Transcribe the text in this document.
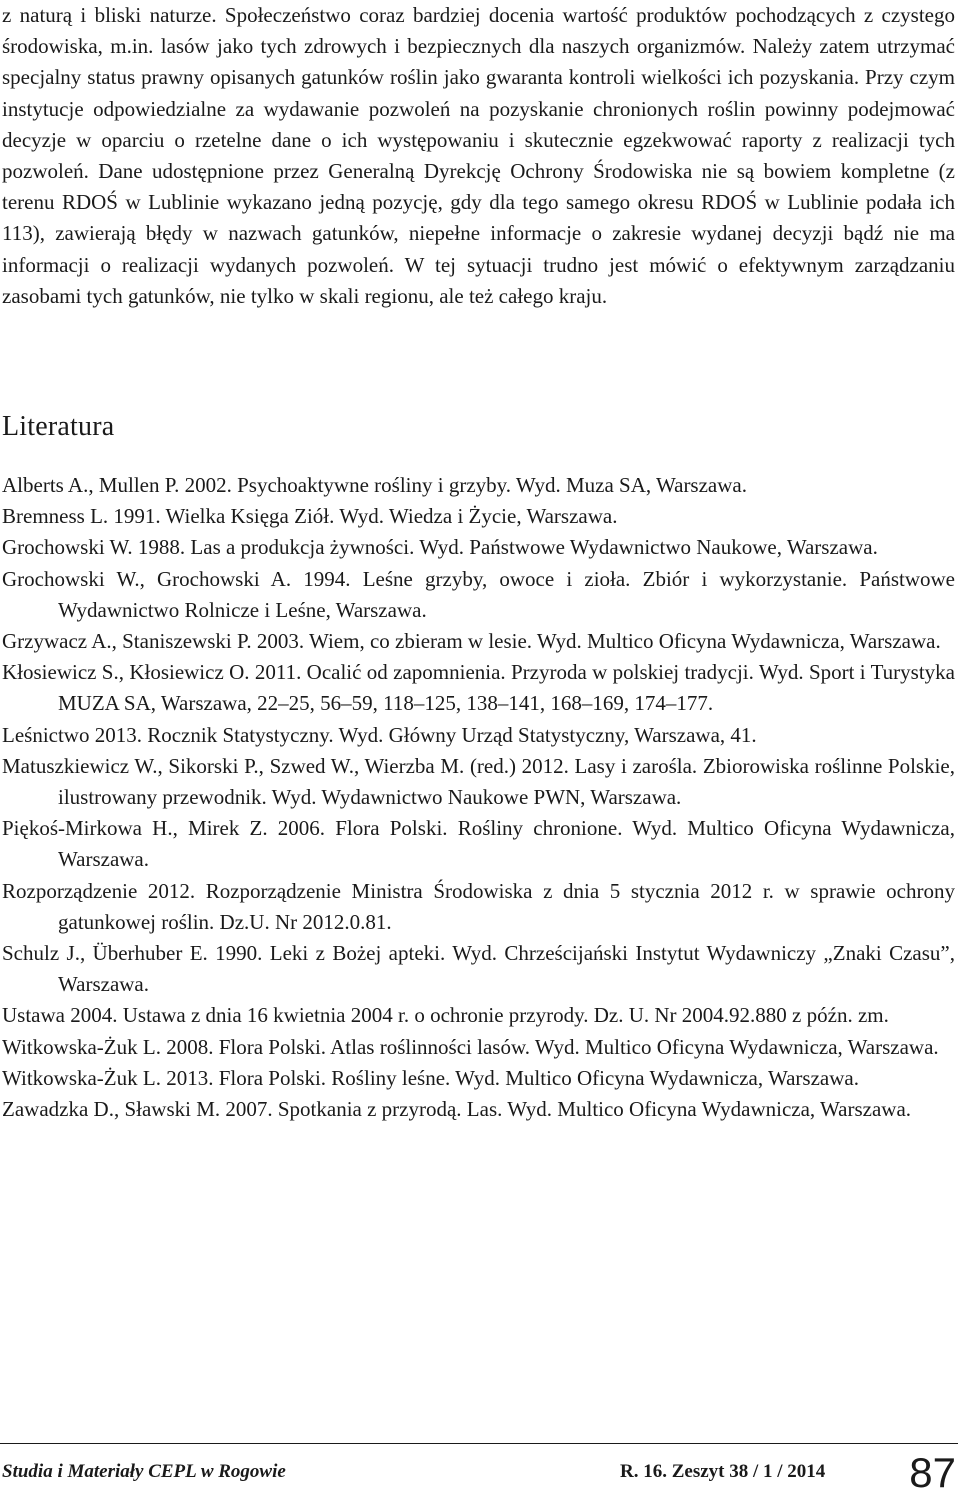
z naturą i bliski naturze. Społeczeństwo coraz bardziej docenia wartość produktów pochodzących z czystego środowiska, m.in. lasów jako tych zdrowych i bezpiecznych dla naszych organizmów. Należy zatem utrzymać specjalny status prawny opisanych gatunków roślin jako gwaranta kontroli wielkości ich pozyskania. Przy czym instytucje odpowiedzialne za wydawanie pozwoleń na pozyskanie chronionych roślin powinny podejmować decyzje w oparciu o rzetelne dane o ich występowaniu i skutecznie egzekwować raporty z realizacji tych pozwoleń. Dane udostępnione przez Generalną Dyrekcję Ochrony Środowiska nie są bowiem kompletne (z terenu RDOŚ w Lublinie wykazano jedną pozycję, gdy dla tego samego okresu RDOŚ w Lublinie podała ich 113), zawierają błędy w nazwach gatunków, niepełne informacje o zakresie wydanej decyzji bądź nie ma informacji o realizacji wydanych pozwoleń. W tej sytuacji trudno jest mówić o efektywnym zarządzaniu zasobami tych gatunków, nie tylko w skali regionu, ale też całego kraju.

Literatura
Alberts A., Mullen P. 2002. Psychoaktywne rośliny i grzyby. Wyd. Muza SA, Warszawa.
Bremness L. 1991. Wielka Księga Ziół. Wyd. Wiedza i Życie, Warszawa.
Grochowski W. 1988. Las a produkcja żywności. Wyd. Państwowe Wydawnictwo Naukowe, Warszawa.
Grochowski W., Grochowski A. 1994. Leśne grzyby, owoce i zioła. Zbiór i wykorzystanie. Państwowe Wydawnictwo Rolnicze i Leśne, Warszawa.
Grzywacz A., Staniszewski P. 2003. Wiem, co zbieram w lesie. Wyd. Multico Oficyna Wydawnicza, Warszawa.
Kłosiewicz S., Kłosiewicz O. 2011. Ocalić od zapomnienia. Przyroda w polskiej tradycji. Wyd. Sport i Turystyka MUZA SA, Warszawa, 22–25, 56–59, 118–125, 138–141, 168–169, 174–177.
Leśnictwo 2013. Rocznik Statystyczny. Wyd. Główny Urząd Statystyczny, Warszawa, 41.
Matuszkiewicz W., Sikorski P., Szwed W., Wierzba M. (red.) 2012. Lasy i zarośla. Zbiorowiska roślinne Polskie, ilustrowany przewodnik. Wyd. Wydawnictwo Naukowe PWN, Warszawa.
Piękoś-Mirkowa H., Mirek Z. 2006. Flora Polski. Rośliny chronione. Wyd. Multico Oficyna Wydawnicza, Warszawa.
Rozporządzenie 2012. Rozporządzenie Ministra Środowiska z dnia 5 stycznia 2012 r. w sprawie ochrony gatunkowej roślin. Dz.U. Nr 2012.0.81.
Schulz J., Überhuber E. 1990. Leki z Bożej apteki. Wyd. Chrześcijański Instytut Wydawniczy „Znaki Czasu”, Warszawa.
Ustawa 2004. Ustawa z dnia 16 kwietnia 2004 r. o ochronie przyrody. Dz. U. Nr 2004.92.880 z późn. zm.
Witkowska-Żuk L. 2008. Flora Polski. Atlas roślinności lasów. Wyd. Multico Oficyna Wydawnicza, Warszawa.
Witkowska-Żuk L. 2013. Flora Polski. Rośliny leśne. Wyd. Multico Oficyna Wydawnicza, Warszawa.
Zawadzka D., Sławski M. 2007. Spotkania z przyrodą. Las. Wyd. Multico Oficyna Wydawnicza, Warszawa.
Studia i Materiały CEPL w Rogowie	R. 16. Zeszyt 38 / 1 / 2014 87
